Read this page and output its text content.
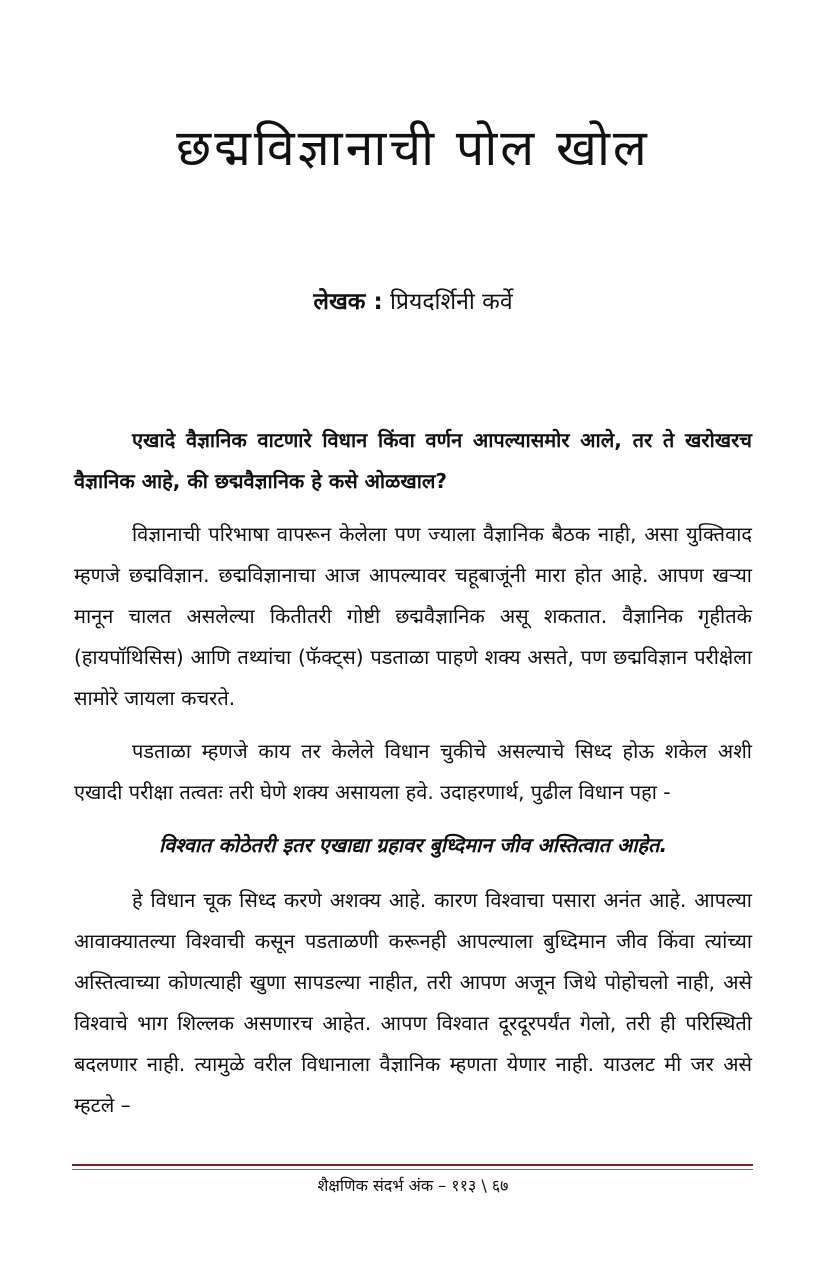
छद्मविज्ञानाची पोल खोल

लेखक : प्रियदर्शिनी कर्वे

एखादे वैज्ञानिक वाटणारे विधान किंवा वर्णन आपल्यासमोर आले, तर ते खरोखरच वैज्ञानिक आहे, की छद्मवैज्ञानिक हे कसे ओळखाल?

विज्ञानाची परिभाषा वापरून केलेला पण ज्याला वैज्ञानिक बैठक नाही, असा युक्तिवाद म्हणजे छद्मविज्ञान. छद्मविज्ञानाचा आज आपल्यावर चहूबाजूंनी मारा होत आहे. आपण खऱ्या मानून चालत असलेल्या कितीतरी गोष्टी छद्मवैज्ञानिक असू शकतात. वैज्ञानिक गृहीतके (हायपॉथिसिस) आणि तथ्यांचा (फॅक्ट्स) पडताळा पाहणे शक्य असते, पण छद्मविज्ञान परीक्षेला सामोरे जायला कचरते.

पडताळा म्हणजे काय तर केलेले विधान चुकीचे असल्याचे सिध्द होऊ शकेल अशी एखादी परीक्षा तत्वतः तरी घेणे शक्य असायला हवे. उदाहरणार्थ, पुढील विधान पहा -

विश्वात कोठेतरी इतर एखाद्या ग्रहावर बुध्दिमान जीव अस्तित्वात आहेत.

हे विधान चूक सिध्द करणे अशक्य आहे. कारण विश्वाचा पसारा अनंत आहे. आपल्या आवाक्यातल्या विश्वाची कसून पडताळणी करूनही आपल्याला बुध्दिमान जीव किंवा त्यांच्या अस्तित्वाच्या कोणत्याही खुणा सापडल्या नाहीत, तरी आपण अजून जिथे पोहोचलो नाही, असे विश्वाचे भाग शिल्लक असणारच आहेत. आपण विश्वात दूरदूरपर्यंत गेलो, तरी ही परिस्थिती बदलणार नाही. त्यामुळे वरील विधानाला वैज्ञानिक म्हणता येणार नाही. याउलट मी जर असे म्हटले –

शैक्षणिक संदर्भ अंक – ११३ \ ६७
